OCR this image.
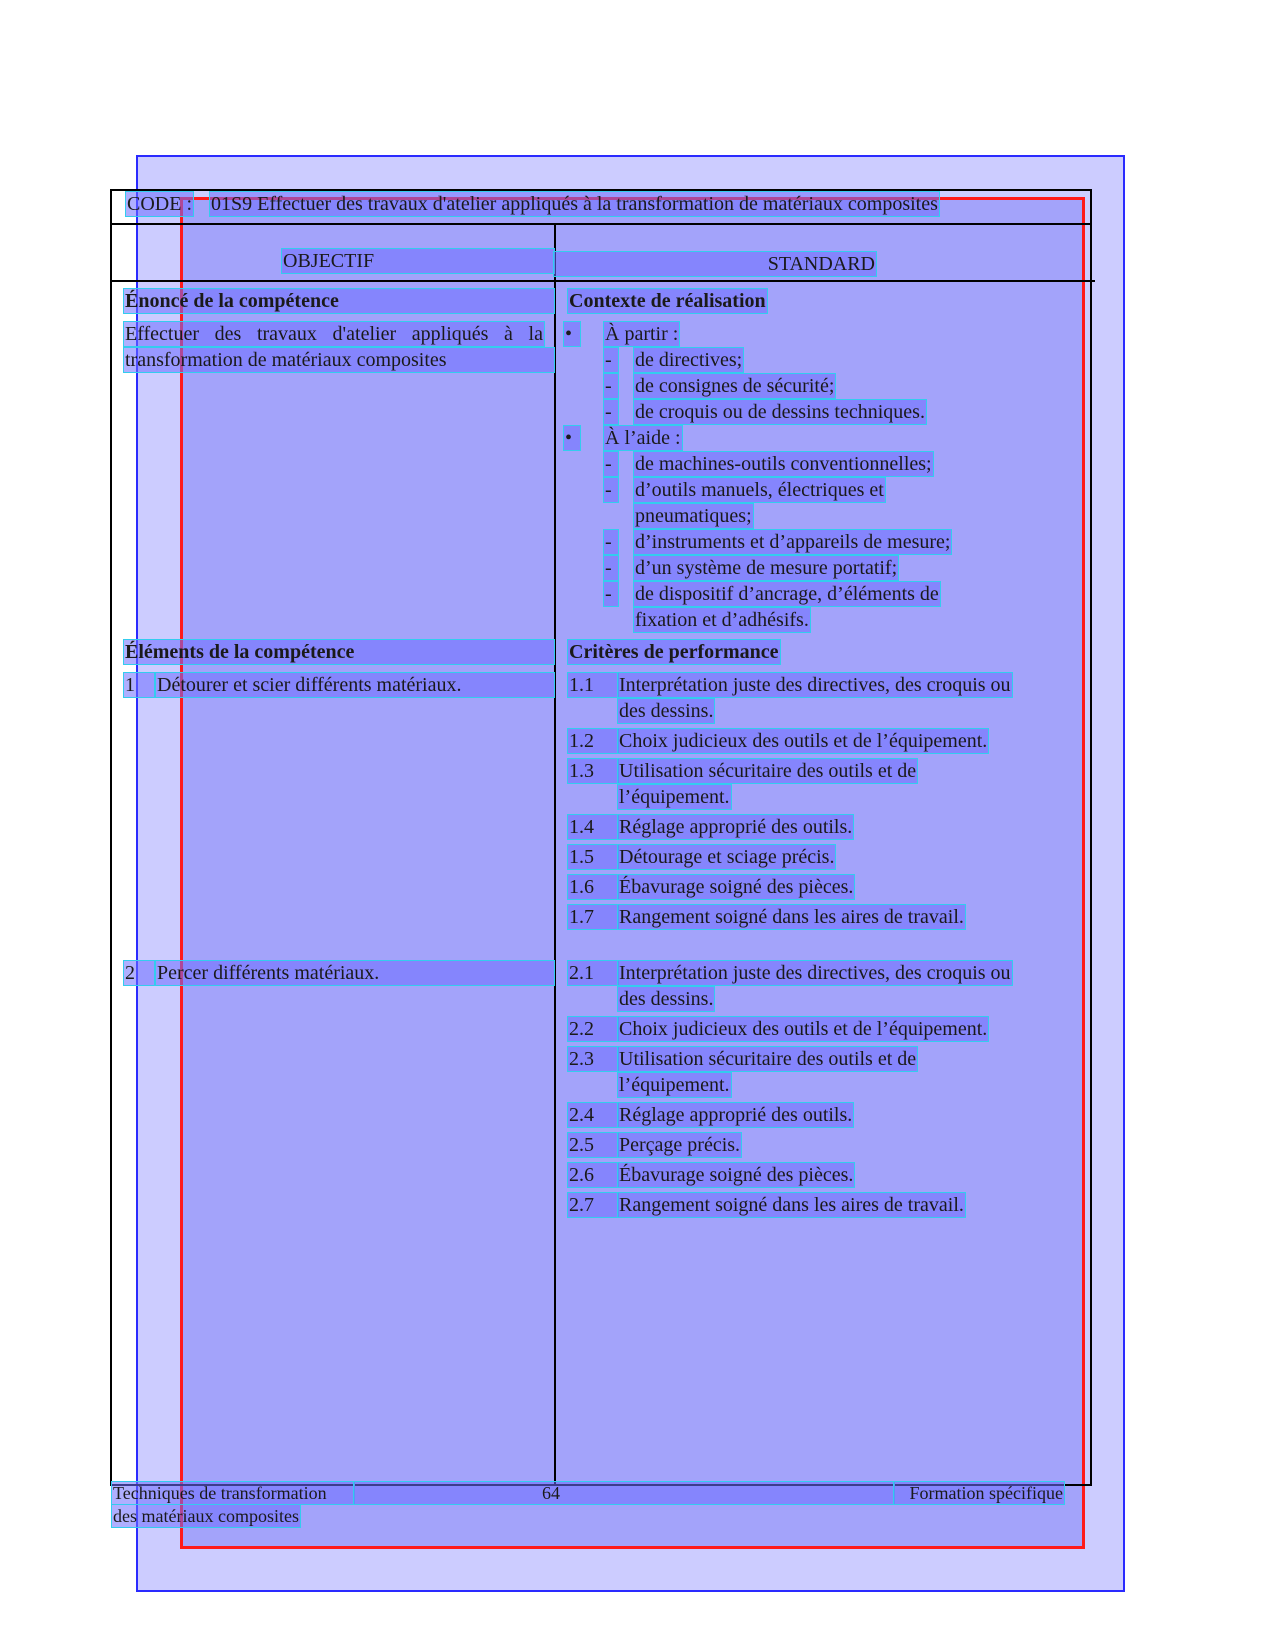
CODE : 01S9 Effectuer des travaux d'atelier appliqués à la transformation de matériaux composites
OBJECTIF	STANDARD
Énoncé de la compétence
Effectuer des travaux d'atelier appliqués à la
transformation de matériaux composites
Contexte de réalisation
•	À partir :
-	de directives;
-	de consignes de sécurité;
-	de croquis ou de dessins techniques.
•	À l’aide :
-	de machines-outils conventionnelles;
-	d’outils manuels, électriques et
pneumatiques;
-	d’instruments et d’appareils de mesure;
-	d’un système de mesure portatif;
-	de dispositif d’ancrage, d’éléments de
fixation et d’adhésifs.
Éléments de la compétence
1	Détourer et scier différents matériaux.
2	Percer différents matériaux.
Critères de performance
1.1	Interprétation juste des directives, des croquis ou
des dessins.
1.2	Choix judicieux des outils et de l’équipement.
1.3	Utilisation sécuritaire des outils et de
l’équipement.
1.4	Réglage approprié des outils.
1.5	Détourage et sciage précis.
1.6	Ébavurage soigné des pièces.
1.7	Rangement soigné dans les aires de travail.
2.1	Interprétation juste des directives, des croquis ou
des dessins.
2.2	Choix judicieux des outils et de l’équipement.
2.3	Utilisation sécuritaire des outils et de
l’équipement.
2.4	Réglage approprié des outils.
2.5	Perçage précis.
2.6	Ébavurage soigné des pièces.
2.7	Rangement soigné dans les aires de travail.
Techniques de transformation
des matériaux composites
64	Formation spécifique
